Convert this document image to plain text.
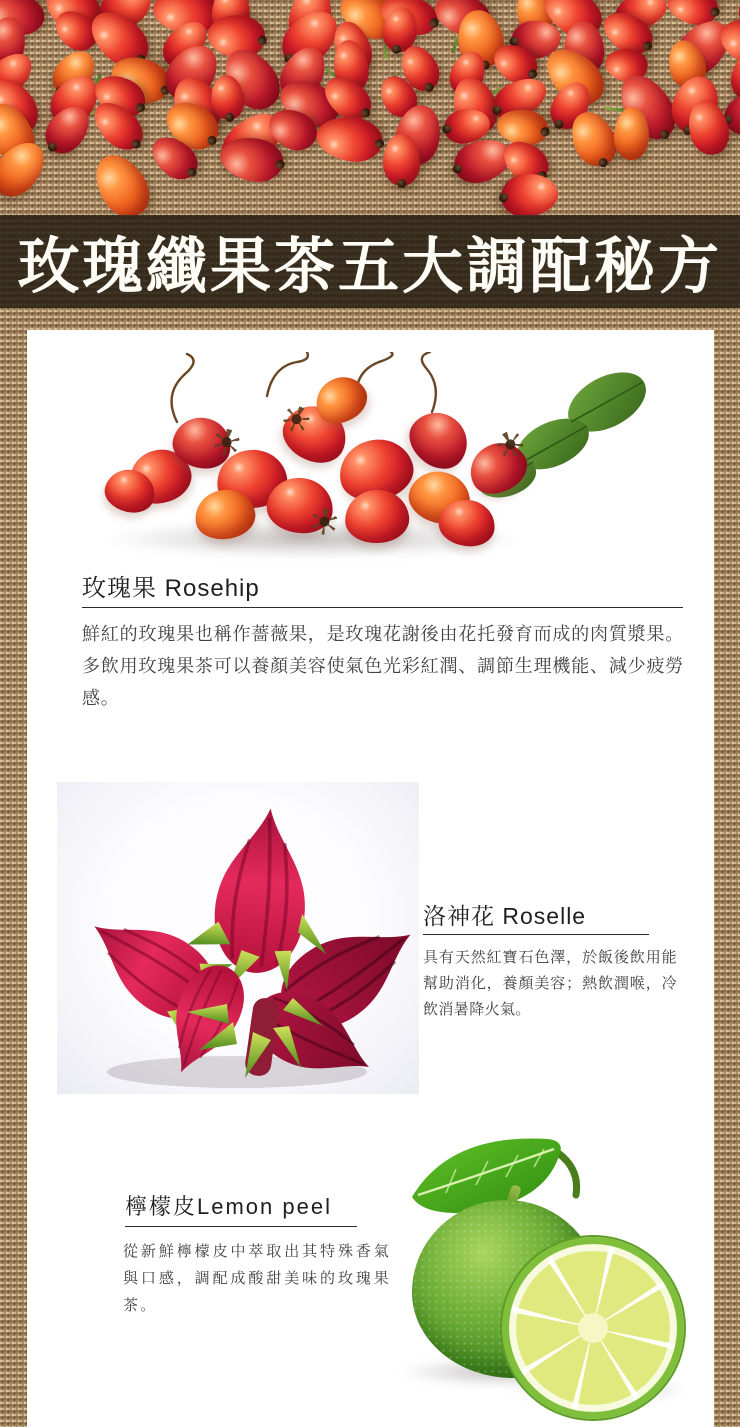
玫瑰纖果茶五大調配秘方
玫瑰果 Rosehip

鮮紅的玫瑰果也稱作薔薇果，是玫瑰花謝後由花托發育而成的肉質漿果。多飲用玫瑰果茶可以養顏美容使氣色光彩紅潤、調節生理機能、減少疲勞感。

洛神花 Roselle

具有天然紅寶石色澤，於飯後飲用能幫助消化，養顏美容；熱飲潤喉，冷飲消暑降火氣。

檸檬皮Lemon peel

從新鮮檸檬皮中萃取出其特殊香氣與口感，調配成酸甜美味的玫瑰果茶。
